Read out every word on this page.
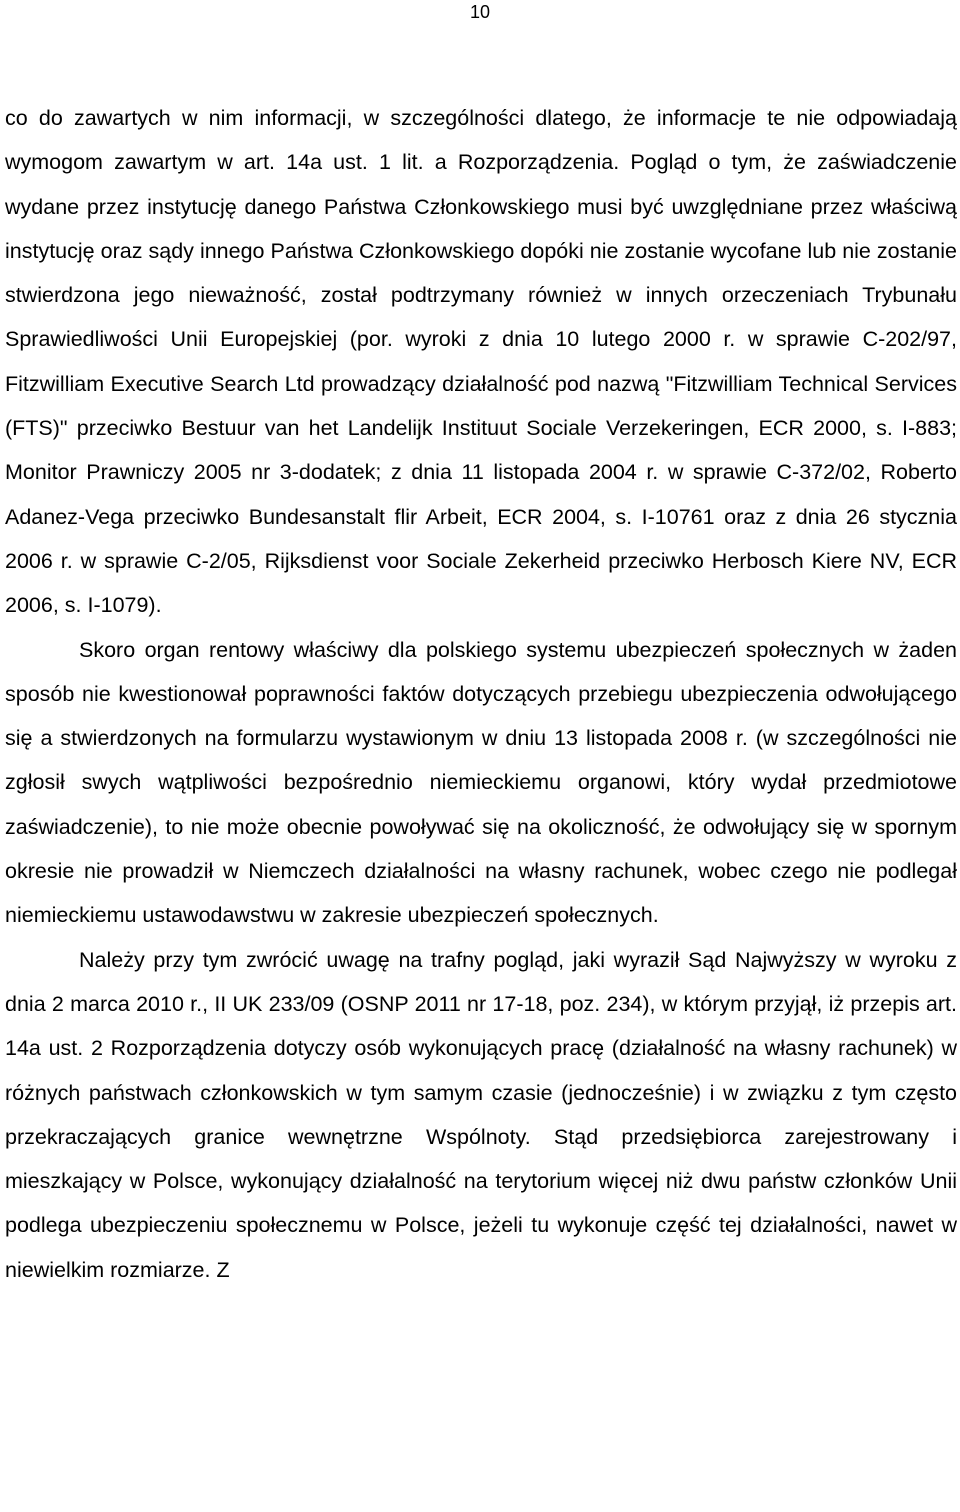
10

co do zawartych w nim informacji, w szczególności dlatego, że informacje te nie odpowiadają wymogom zawartym w art. 14a ust. 1 lit. a Rozporządzenia. Pogląd o tym, że zaświadczenie wydane przez instytucję danego Państwa Członkowskiego musi być uwzględniane przez właściwą instytucję oraz sądy innego Państwa Członkowskiego dopóki nie zostanie wycofane lub nie zostanie stwierdzona jego nieważność, został podtrzymany również w innych orzeczeniach Trybunału Sprawiedliwości Unii Europejskiej (por. wyroki z dnia 10 lutego 2000 r. w sprawie C-202/97, Fitzwilliam Executive Search Ltd prowadzący działalność pod nazwą "Fitzwilliam Technical Services (FTS)" przeciwko Bestuur van het Landelijk Instituut Sociale Verzekeringen, ECR 2000, s. I-883; Monitor Prawniczy 2005 nr 3-dodatek; z dnia 11 listopada 2004 r. w sprawie C-372/02, Roberto Adanez-Vega przeciwko Bundesanstalt flir Arbeit, ECR 2004, s. I-10761 oraz z dnia 26 stycznia 2006 r. w sprawie C-2/05, Rijksdienst voor Sociale Zekerheid przeciwko Herbosch Kiere NV, ECR 2006, s. I-1079).

Skoro organ rentowy właściwy dla polskiego systemu ubezpieczeń społecznych w żaden sposób nie kwestionował poprawności faktów dotyczących przebiegu ubezpieczenia odwołującego się a stwierdzonych na formularzu wystawionym w dniu 13 listopada 2008 r. (w szczególności nie zgłosił swych wątpliwości bezpośrednio niemieckiemu organowi, który wydał przedmiotowe zaświadczenie), to nie może obecnie powoływać się na okoliczność, że odwołujący się w spornym okresie nie prowadził w Niemczech działalności na własny rachunek, wobec czego nie podlegał niemieckiemu ustawodawstwu w zakresie ubezpieczeń społecznych.

Należy przy tym zwrócić uwagę na trafny pogląd, jaki wyraził Sąd Najwyższy w wyroku z dnia 2 marca 2010 r., II UK 233/09 (OSNP 2011 nr 17-18, poz. 234), w którym przyjął, iż przepis art. 14a ust. 2 Rozporządzenia dotyczy osób wykonujących pracę (działalność na własny rachunek) w różnych państwach członkowskich w tym samym czasie (jednocześnie) i w związku z tym często przekraczających granice wewnętrzne Wspólnoty. Stąd przedsiębiorca zarejestrowany i mieszkający w Polsce, wykonujący działalność na terytorium więcej niż dwu państw członków Unii podlega ubezpieczeniu społecznemu w Polsce, jeżeli tu wykonuje część tej działalności, nawet w niewielkim rozmiarze. Z
